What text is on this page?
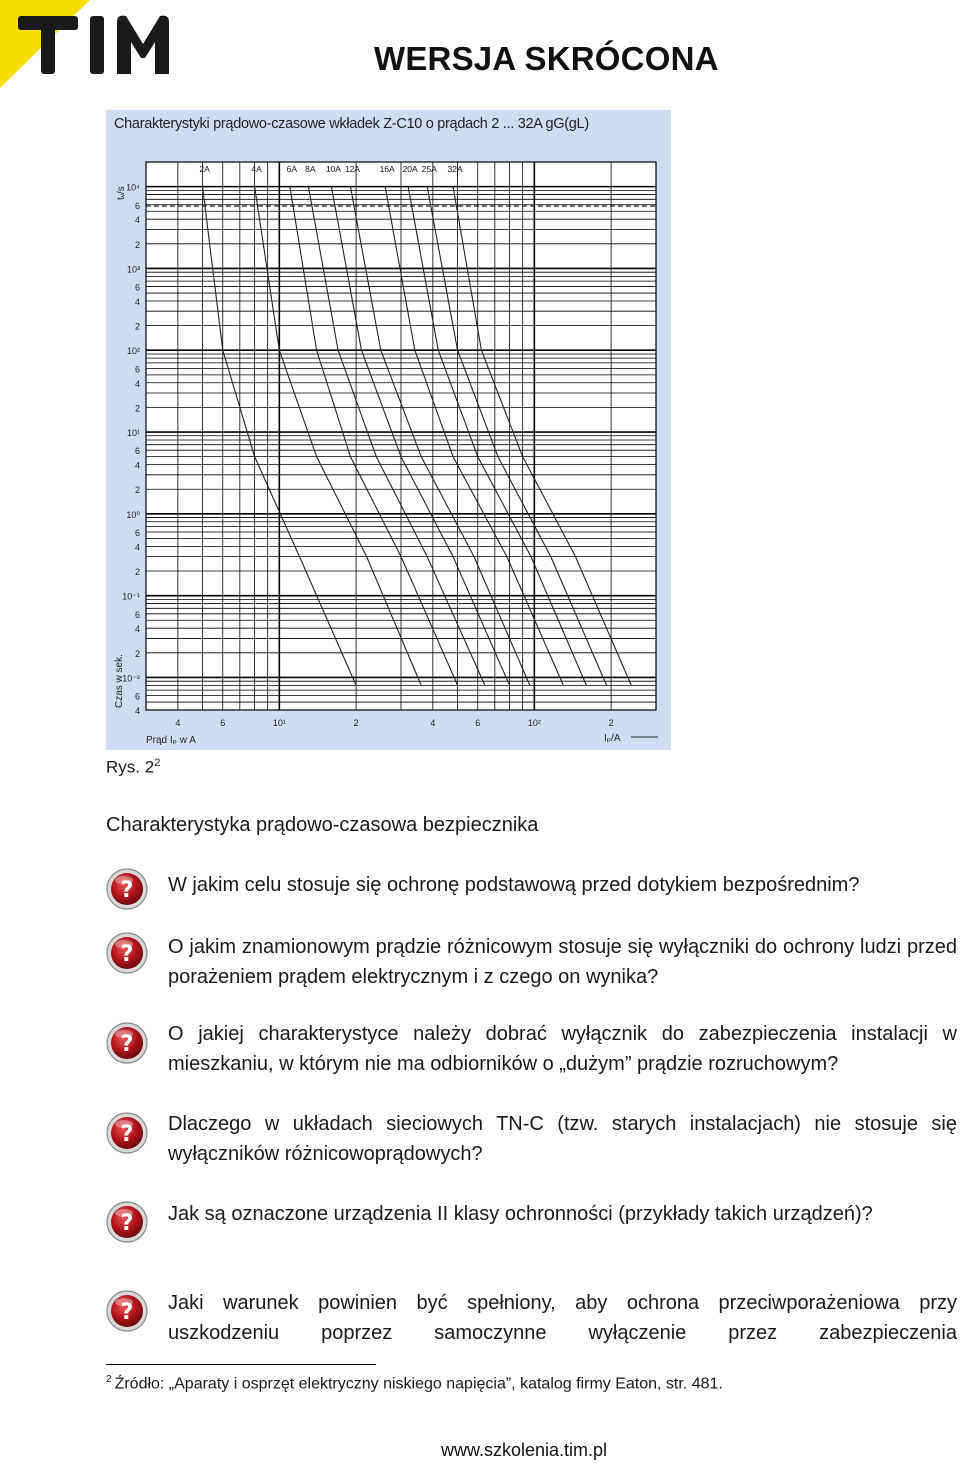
WERSJA SKRÓCONA
10⁴
6
4
2
10³
6
4
2
10²
6
4
2
10¹
6
4
2
10⁰
6
4
2
10⁻¹
6
4
2
10⁻²
6
4
4	6	10¹	2	4	6	10²	2
2A	4A	6A 8A 10A 12A 16A 20A 25A 32A
tᵥ/s
Czas w sek.
Prąd Iₚ w A	Iₚ/A
Charakterystyki prądowo-czasowe wkładek Z-C10 o prądach 2 ... 32A gG(gL)
Rys. $2^2$
Charakterystyka prądowo-czasowa bezpiecznika
W jakim celu stosuje się ochronę podstawową przed dotykiem bezpośrednim?
O jakim znamionowym prądzie różnicowym stosuje się wyłączniki do ochrony ludzi przed porażeniem prądem elektrycznym i z czego on wynika?
O jakiej charakterystyce należy dobrać wyłącznik do zabezpieczenia instalacji w mieszkaniu, w którym nie ma odbiorników o „dużym” prądzie rozruchowym?
Dlaczego w układach sieciowych TN-C (tzw. starych instalacjach) nie stosuje się wyłączników różnicowoprądowych?
Jak są oznaczone urządzenia II klasy ochronności (przykłady takich urządzeń)?
Jaki warunek powinien być spełniony, aby ochrona przeciwporażeniowa przy uszkodzeniu poprzez samoczynne wyłączenie przez zabezpieczenia
$^2$ Źródło: „Aparaty i osprzęt elektryczny niskiego napięcia”, katalog firmy Eaton, str. 481.
www.szkolenia.tim.pl
